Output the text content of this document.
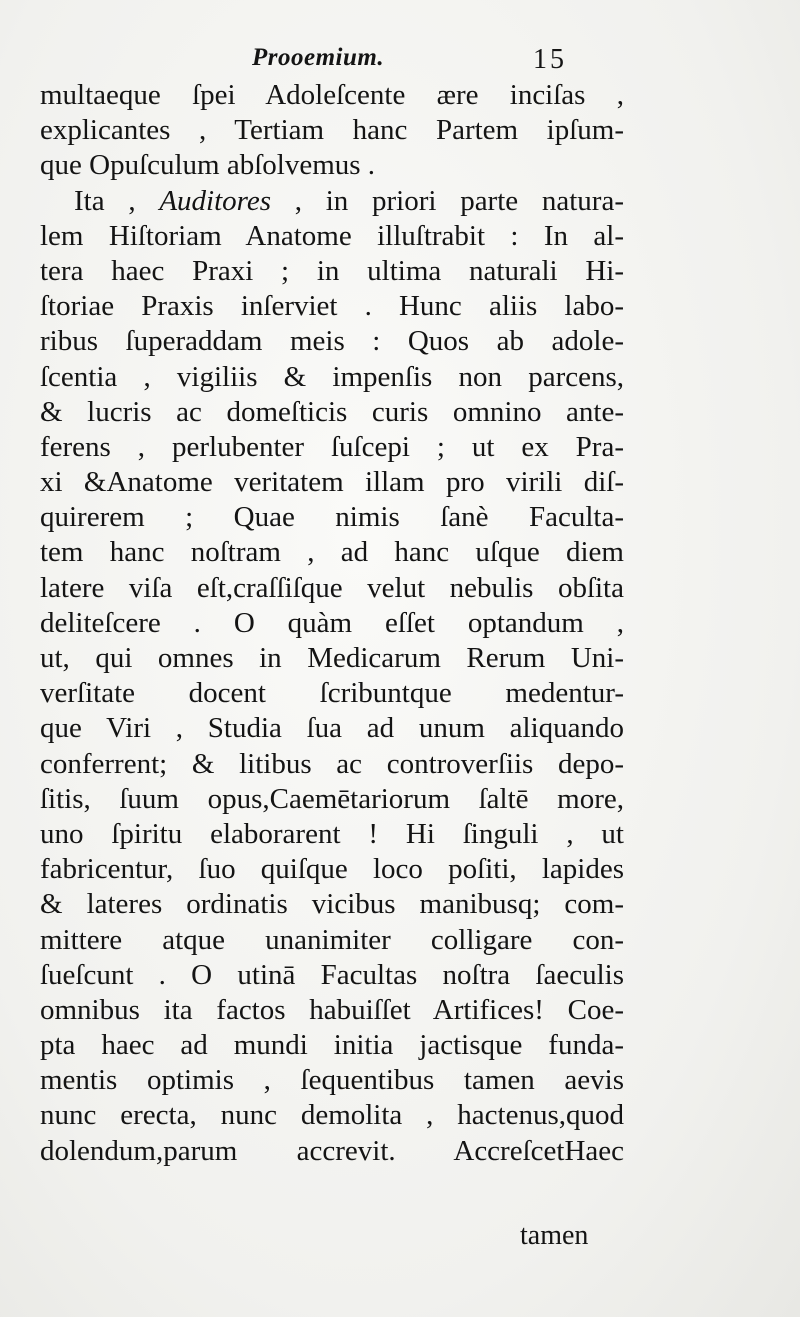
Prooemium.	15
multaeque ſpei Adoleſcente ære inciſas ,
explicantes , Tertiam hanc Partem ipſum-
que Opuſculum abſolvemus .
Ita , Auditores , in priori parte natura-
lem Hiſtoriam Anatome illuſtrabit : In al-
tera haec Praxi ; in ultima naturali Hi-
ſtoriae Praxis inſerviet . Hunc aliis labo-
ribus ſuperaddam meis : Quos ab adole-
ſcentia , vigiliis & impenſis non parcens,
& lucris ac domeſticis curis omnino ante-
ferens , perlubenter ſuſcepi ; ut ex Pra-
xi &Anatome veritatem illam pro virili diſ-
quirerem ; Quae nimis ſanè Faculta-
tem hanc noſtram , ad hanc uſque diem
latere viſa eſt,craſſiſque velut nebulis obſita
deliteſcere . O quàm eſſet optandum ,
ut, qui omnes in Medicarum Rerum Uni-
verſitate docent ſcribuntque medentur-
que Viri , Studia ſua ad unum aliquando
conferrent; & litibus ac controverſiis depo-
ſitis, ſuum opus,Caemētariorum ſaltē more,
uno ſpiritu elaborarent ! Hi ſinguli , ut
fabricentur, ſuo quiſque loco poſiti, lapides
& lateres ordinatis vicibus manibusq; com-
mittere atque unanimiter colligare con-
ſueſcunt . O utinā Facultas noſtra ſaeculis
omnibus ita factos habuiſſet Artifices! Coe-
pta haec ad mundi initia jactisque funda-
mentis optimis , ſequentibus tamen aevis
nunc erecta, nunc demolita , hactenus,quod
dolendum,parum accrevit. AccreſcetHaec
tamen
